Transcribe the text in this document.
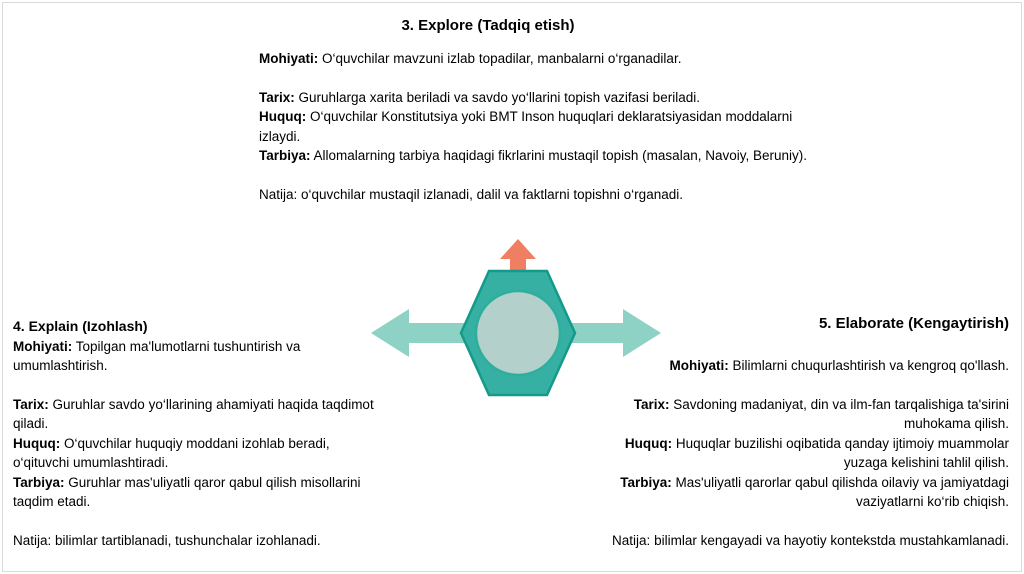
3. Explore (Tadqiq etish)

Mohiyati: O‘quvchilar mavzuni izlab topadilar, manbalarni o‘rganadilar.

Tarix: Guruhlarga xarita beriladi va savdo yo‘llarini topish vazifasi beriladi.

Huquq: O‘quvchilar Konstitutsiya yoki BMT Inson huquqlari deklaratsiyasidan moddalarni izlaydi.

Tarbiya: Allomalarning tarbiya haqidagi fikrlarini mustaqil topish (masalan, Navoiy, Beruniy).

Natija: o‘quvchilar mustaqil izlanadi, dalil va faktlarni topishni o‘rganadi.

4. Explain (Izohlash)

Mohiyati: Topilgan ma'lumotlarni tushuntirish va umumlashtirish.

Tarix: Guruhlar savdo yo‘llarining ahamiyati haqida taqdimot qiladi.

Huquq: O‘quvchilar huquqiy moddani izohlab beradi, o‘qituvchi umumlashtiradi.

Tarbiya: Guruhlar mas'uliyatli qaror qabul qilish misollarini taqdim etadi.

Natija: bilimlar tartiblanadi, tushunchalar izohlanadi.

5. Elaborate (Kengaytirish)

Mohiyati: Bilimlarni chuqurlashtirish va kengroq qo'llash.

Tarix: Savdoning madaniyat, din va ilm-fan tarqalishiga ta'sirini muhokama qilish.

Huquq: Huquqlar buzilishi oqibatida qanday ijtimoiy muammolar yuzaga kelishini tahlil qilish.

Tarbiya: Mas'uliyatli qarorlar qabul qilishda oilaviy va jamiyatdagi vaziyatlarni ko‘rib chiqish.

Natija: bilimlar kengayadi va hayotiy kontekstda mustahkamlanadi.
